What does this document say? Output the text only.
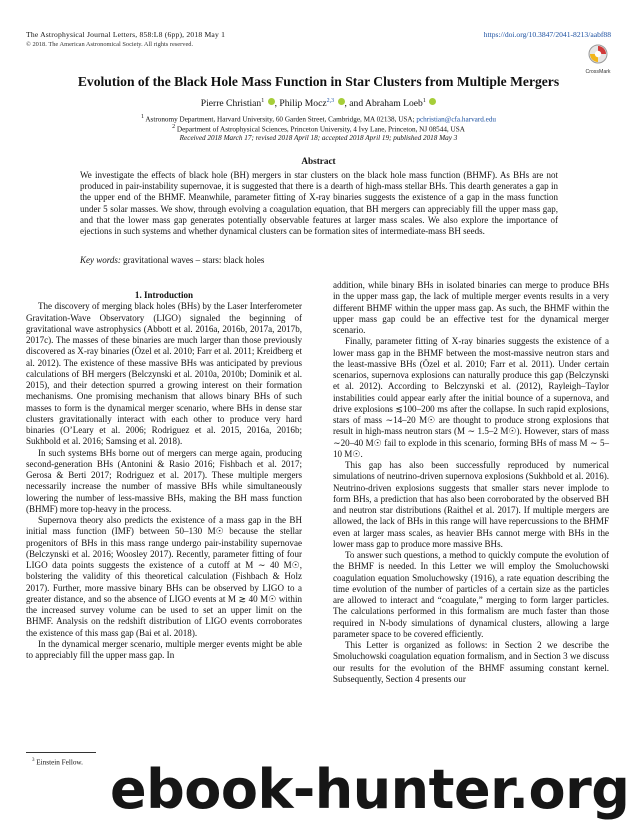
The Astrophysical Journal Letters, 858:L8 (6pp), 2018 May 1	https://doi.org/10.3847/2041-8213/aabf88
© 2018. The American Astronomical Society. All rights reserved.
CrossMark
Evolution of the Black Hole Mass Function in Star Clusters from Multiple Mergers
Pierre Christian$^1$ , Philip Mocz$^{2,3}$ , and Abraham Loeb$^1$
$^1$ Astronomy Department, Harvard University, 60 Garden Street, Cambridge, MA 02138, USA; pchristian@cfa.harvard.edu
$^2$ Department of Astrophysical Sciences, Princeton University, 4 Ivy Lane, Princeton, NJ 08544, USA
Received 2018 March 17; revised 2018 April 18; accepted 2018 April 19; published 2018 May 3
Abstract

We investigate the effects of black hole (BH) mergers in star clusters on the black hole mass function (BHMF). As BHs are not produced in pair-instability supernovae, it is suggested that there is a dearth of high-mass stellar BHs. This dearth generates a gap in the upper end of the BHMF. Meanwhile, parameter fitting of X-ray binaries suggests the existence of a gap in the mass function under 5 solar masses. We show, through evolving a coagulation equation, that BH mergers can appreciably fill the upper mass gap, and that the lower mass gap generates potentially observable features at larger mass scales. We also explore the importance of ejections in such systems and whether dynamical clusters can be formation sites of intermediate-mass BH seeds.

Key words: gravitational waves – stars: black holes

1. Introduction

The discovery of merging black holes (BHs) by the Laser Interferometer Gravitation-Wave Observatory (LIGO) signaled the beginning of gravitational wave astrophysics (Abbott et al. 2016a, 2016b, 2017a, 2017b, 2017c). The masses of these binaries are much larger than those previously discovered as X-ray binaries (Özel et al. 2010; Farr et al. 2011; Kreidberg et al. 2012). The existence of these massive BHs was anticipated by previous calculations of BH mergers (Belczynski et al. 2010a, 2010b; Dominik et al. 2015), and their detection spurred a growing interest on their formation mechanisms. One promising mechanism that allows binary BHs of such masses to form is the dynamical merger scenario, where BHs in dense star clusters gravitationally interact with each other to produce very hard binaries (O’Leary et al. 2006; Rodriguez et al. 2015, 2016a, 2016b; Sukhbold et al. 2016; Samsing et al. 2018).

In such systems BHs borne out of mergers can merge again, producing second-generation BHs (Antonini & Rasio 2016; Fishbach et al. 2017; Gerosa & Berti 2017; Rodriguez et al. 2017). These multiple mergers necessarily increase the number of massive BHs while simultaneously lowering the number of less-massive BHs, making the BH mass function (BHMF) more top-heavy in the process.

Supernova theory also predicts the existence of a mass gap in the BH initial mass function (IMF) between 50–130 M☉ because the stellar progenitors of BHs in this mass range undergo pair-instability supernovae (Belczynski et al. 2016; Woosley 2017). Recently, parameter fitting of four LIGO data points suggests the existence of a cutoff at M ∼ 40 M☉, bolstering the validity of this theoretical calculation (Fishbach & Holz 2017). Further, more massive binary BHs can be observed by LIGO to a greater distance, and so the absence of LIGO events at M ≳ 40 M☉ within the increased survey volume can be used to set an upper limit on the BHMF. Analysis on the redshift distribution of LIGO events corroborates the existence of this mass gap (Bai et al. 2018).

In the dynamical merger scenario, multiple merger events might be able to appreciably fill the upper mass gap. In

addition, while binary BHs in isolated binaries can merge to produce BHs in the upper mass gap, the lack of multiple merger events results in a very different BHMF within the upper mass gap. As such, the BHMF within the upper mass gap could be an effective test for the dynamical merger scenario.

Finally, parameter fitting of X-ray binaries suggests the existence of a lower mass gap in the BHMF between the most-massive neutron stars and the least-massive BHs (Özel et al. 2010; Farr et al. 2011). Under certain scenarios, supernova explosions can naturally produce this gap (Belczynski et al. 2012). According to Belczynski et al. (2012), Rayleigh–Taylor instabilities could appear early after the initial bounce of a supernova, and drive explosions ≲100–200 ms after the collapse. In such rapid explosions, stars of mass ∼14–20 M☉ are thought to produce strong explosions that result in high-mass neutron stars (M ∼ 1.5–2 M☉). However, stars of mass ∼20–40 M☉ fail to explode in this scenario, forming BHs of mass M ∼ 5–10 M☉.

This gap has also been successfully reproduced by numerical simulations of neutrino-driven supernova explosions (Sukhbold et al. 2016). Neutrino-driven explosions suggests that smaller stars never implode to form BHs, a prediction that has also been corroborated by the observed BH and neutron star distributions (Raithel et al. 2017). If multiple mergers are allowed, the lack of BHs in this range will have repercussions to the BHMF even at larger mass scales, as heavier BHs cannot merge with BHs in the lower mass gap to produce more massive BHs.

To answer such questions, a method to quickly compute the evolution of the BHMF is needed. In this Letter we will employ the Smoluchowski coagulation equation Smoluchowsky (1916), a rate equation describing the time evolution of the number of particles of a certain size as the particles are allowed to interact and “coagulate,” merging to form larger particles. The calculations performed in this formalism are much faster than those required in N-body simulations of dynamical clusters, allowing a large parameter space to be covered efficiently.

This Letter is organized as follows: in Section 2 we describe the Smoluchowski coagulation equation formalism, and in Section 3 we discuss our results for the evolution of the BHMF assuming constant kernel. Subsequently, Section 4 presents our

$^3$ Einstein Fellow. ebook-hunter.org
